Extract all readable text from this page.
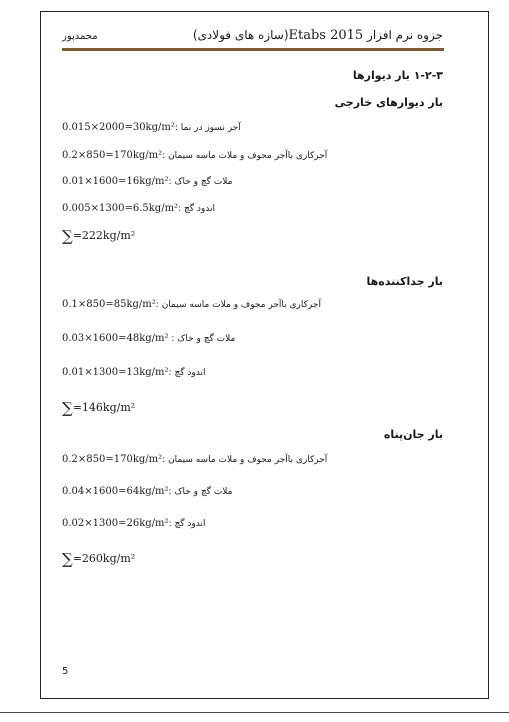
جزوه نرم افزار Etabs 2015(سازه های فولادی)
محمدپور
۱-۲-۳ بار دیوارها
بار دیوارهای خارجی
0.015×2000=30kg/m²: آجر نسوز در نما
0.2×850=170kg/m²: آجرکاری باآجر مجوف و ملات ماسه سیمان
0.01×1600=16kg/m²: ملات گچ و خاک
0.005×1300=6.5kg/m²: اندود گچ
∑=222kg/m²
بار جداکننده‌ها
0.1×850=85kg/m²: آجرکاری باآجر مجوف و ملات ماسه سیمان
0.03×1600=48kg/m² : ملات گچ و خاک
0.01×1300=13kg/m²: اندود گچ
∑=146kg/m²
بار جان‌پناه
0.2×850=170kg/m²: آجرکاری باآجر مجوف و ملات ماسه سیمان
0.04×1600=64kg/m²: ملات گچ و خاک
0.02×1300=26kg/m²: اندود گچ
∑=260kg/m²
5
